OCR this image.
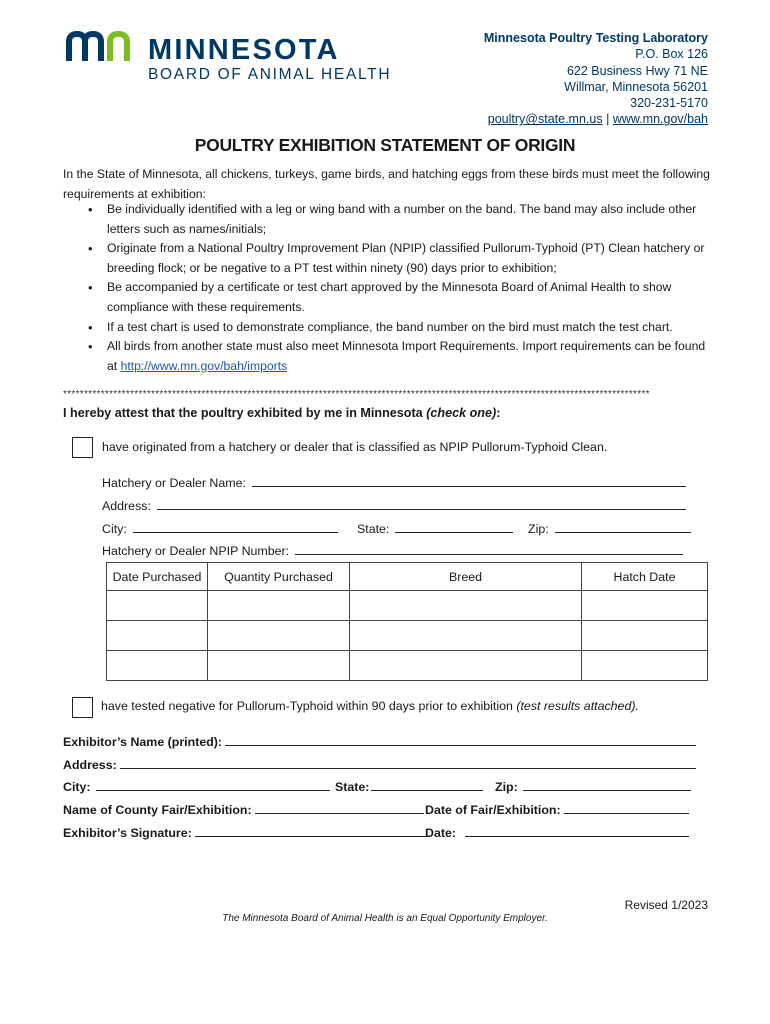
MINNESOTA
BOARD OF ANIMAL HEALTH
Minnesota Poultry Testing Laboratory
P.O. Box 126
622 Business Hwy 71 NE
Willmar, Minnesota 56201
320-231-5170
poultry@state.mn.us | www.mn.gov/bah
POULTRY EXHIBITION STATEMENT OF ORIGIN
In the State of Minnesota, all chickens, turkeys, game birds, and hatching eggs from these birds must meet the following requirements at exhibition:
• Be individually identified with a leg or wing band with a number on the band. The band may also include other letters such as names/initials;
• Originate from a National Poultry Improvement Plan (NPIP) classified Pullorum-Typhoid (PT) Clean hatchery or breeding flock; or be negative to a PT test within ninety (90) days prior to exhibition;
• Be accompanied by a certificate or test chart approved by the Minnesota Board of Animal Health to show compliance with these requirements.
• If a test chart is used to demonstrate compliance, the band number on the bird must match the test chart.
• All birds from another state must also meet Minnesota Import Requirements. Import requirements can be found at http://www.mn.gov/bah/imports
********************************************************************************************************************************************
I hereby attest that the poultry exhibited by me in Minnesota (check one):
have originated from a hatchery or dealer that is classified as NPIP Pullorum-Typhoid Clean.
Hatchery or Dealer Name:
Address:
City:	State:	Zip:
Hatchery or Dealer NPIP Number:
Date Purchased	Quantity Purchased	Breed	Hatch Date

have tested negative for Pullorum-Typhoid within 90 days prior to exhibition (test results attached).
Exhibitor’s Name (printed):
Address:
City:	State:	Zip:
Name of County Fair/Exhibition:	Date of Fair/Exhibition:
Exhibitor’s Signature:	Date:
Revised 1/2023
The Minnesota Board of Animal Health is an Equal Opportunity Employer.
